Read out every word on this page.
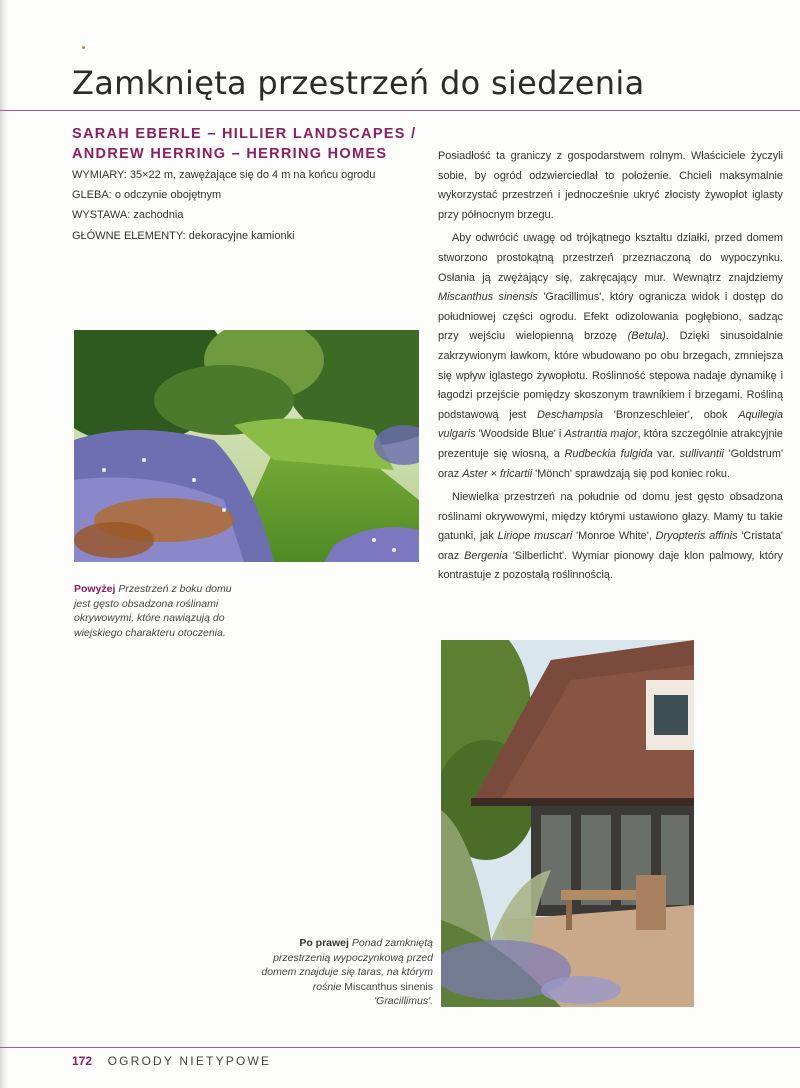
Zamknięta przestrzeń do siedzenia
SARAH EBERLE – HILLIER LANDSCAPES /
ANDREW HERRING – HERRING HOMES
WYMIARY: 35×22 m, zawężające się do 4 m na końcu ogrodu
GLEBA: o odczynie obojętnym
WYSTAWA: zachodnia
GŁÓWNE ELEMENTY: dekoracyjne kamionki

Posiadłość ta graniczy z gospodarstwem rolnym. Właściciele życzyli sobie, by ogród odzwierciedlał to położenie. Chcieli maksymalnie wykorzystać przestrzeń i jednocześnie ukryć złocisty żywopłot iglasty przy północnym brzegu.

Aby odwrócić uwagę od trójkątnego kształtu działki, przed domem stworzono prostokątną przestrzeń przeznaczoną do wypoczynku. Osłania ją zwężający się, zakręcający mur. Wewnątrz znajdziemy Miscanthus sinensis 'Gracillimus', który ogranicza widok i dostęp do południowej części ogrodu. Efekt odizolowania pogłębiono, sadząc przy wejściu wielopienną brzozę (Betula). Dzięki sinusoidalnie zakrzywionym ławkom, które wbudowano po obu brzegach, zmniejsza się wpływ iglastego żywopłotu. Roślinność stepowa nadaje dynamikę i łagodzi przejście pomiędzy skoszonym trawnikiem i brzegami. Rośliną podstawową jest Deschampsia 'Bronzeschleier', obok Aquilegia vulgaris 'Woodside Blue' i Astrantia major, która szczególnie atrakcyjnie prezentuje się wiosną, a Rudbeckia fulgida var. sullivantii 'Goldstrum' oraz Aster × fricartii 'Mönch' sprawdzają się pod koniec roku.

Niewielka przestrzeń na południe od domu jest gęsto obsadzona roślinami okrywowymi, między którymi ustawiono głazy. Mamy tu takie gatunki, jak Liriope muscari 'Monroe White', Dryopteris affinis 'Cristata' oraz Bergenia 'Silberlicht'. Wymiar pionowy daje klon palmowy, który kontrastuje z pozostałą roślinnością.

Powyżej Przestrzeń z boku domu jest gęsto obsadzona roślinami okrywowymi, które nawiązują do wiejskiego charakteru otoczenia.
Po prawej Ponad zamkniętą przestrzenią wypoczynkową przed domem znajduje się taras, na którym rośnie Miscanthus sinenis 'Gracillimus'.
172 OGRODY NIETYPOWE
